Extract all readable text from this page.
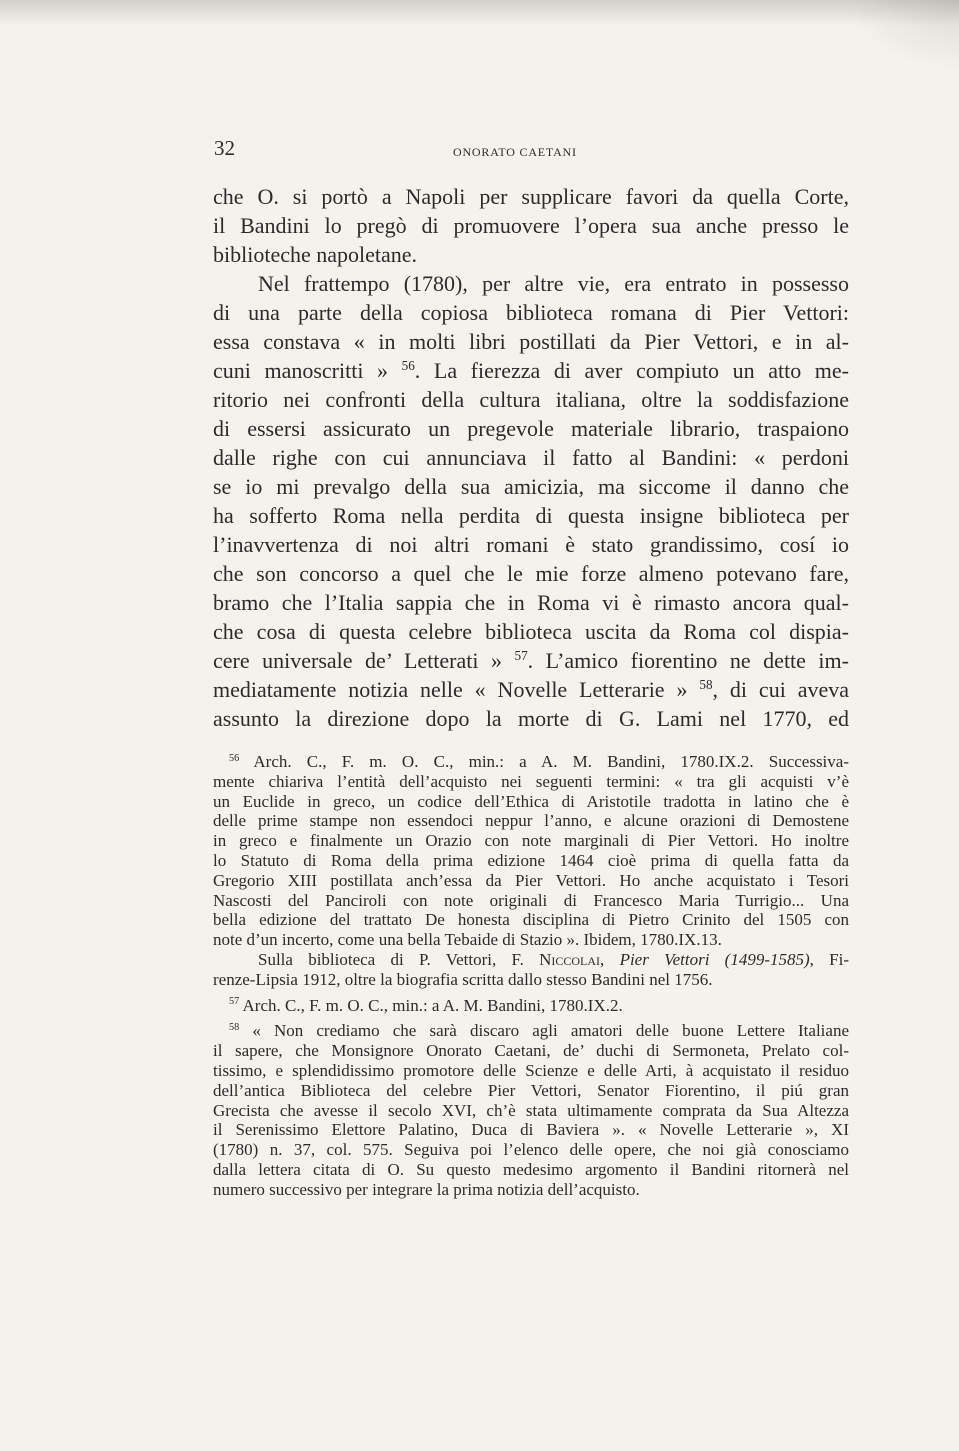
32	ONORATO CAETANI
che O. si portò a Napoli per supplicare favori da quella Corte,
il Bandini lo pregò di promuovere l’opera sua anche presso le
biblioteche napoletane.
Nel frattempo (1780), per altre vie, era entrato in possesso
di una parte della copiosa biblioteca romana di Pier Vettori:
essa constava « in molti libri postillati da Pier Vettori, e in al-
cuni manoscritti » $^{56}$. La fierezza di aver compiuto un atto me-
ritorio nei confronti della cultura italiana, oltre la soddisfazione
di essersi assicurato un pregevole materiale librario, traspaiono
dalle righe con cui annunciava il fatto al Bandini: « perdoni
se io mi prevalgo della sua amicizia, ma siccome il danno che
ha sofferto Roma nella perdita di questa insigne biblioteca per
l’inavvertenza di noi altri romani è stato grandissimo, cosí io
che son concorso a quel che le mie forze almeno potevano fare,
bramo che l’Italia sappia che in Roma vi è rimasto ancora qual-
che cosa di questa celebre biblioteca uscita da Roma col dispia-
cere universale de’ Letterati » $^{57}$. L’amico fiorentino ne dette im-
mediatamente notizia nelle « Novelle Letterarie » $^{58}$, di cui aveva
assunto la direzione dopo la morte di G. Lami nel 1770, ed
$^{56}$ Arch. C., F. m. O. C., min.: a A. M. Bandini, 1780.IX.2. Successiva-
mente chiariva l’entità dell’acquisto nei seguenti termini: « tra gli acquisti v’è
un Euclide in greco, un codice dell’Ethica di Aristotile tradotta in latino che è
delle prime stampe non essendoci neppur l’anno, e alcune orazioni di Demostene
in greco e finalmente un Orazio con note marginali di Pier Vettori. Ho inoltre
lo Statuto di Roma della prima edizione 1464 cioè prima di quella fatta da
Gregorio XIII postillata anch’essa da Pier Vettori. Ho anche acquistato i Tesori
Nascosti del Panciroli con note originali di Francesco Maria Turrigio... Una
bella edizione del trattato De honesta disciplina di Pietro Crinito del 1505 con
note d’un incerto, come una bella Tebaide di Stazio ». Ibidem, 1780.IX.13.
Sulla biblioteca di P. Vettori, F. Niccolai, Pier Vettori (1499-1585), Fi-
renze-Lipsia 1912, oltre la biografia scritta dallo stesso Bandini nel 1756.
$^{57}$ Arch. C., F. m. O. C., min.: a A. M. Bandini, 1780.IX.2.
$^{58}$ « Non crediamo che sarà discaro agli amatori delle buone Lettere Italiane
il sapere, che Monsignore Onorato Caetani, de’ duchi di Sermoneta, Prelato col-
tissimo, e splendidissimo promotore delle Scienze e delle Arti, à acquistato il residuo
dell’antica Biblioteca del celebre Pier Vettori, Senator Fiorentino, il piú gran
Grecista che avesse il secolo XVI, ch’è stata ultimamente comprata da Sua Altezza
il Serenissimo Elettore Palatino, Duca di Baviera ». « Novelle Letterarie », XI
(1780) n. 37, col. 575. Seguiva poi l’elenco delle opere, che noi già conosciamo
dalla lettera citata di O. Su questo medesimo argomento il Bandini ritornerà nel
numero successivo per integrare la prima notizia dell’acquisto.
